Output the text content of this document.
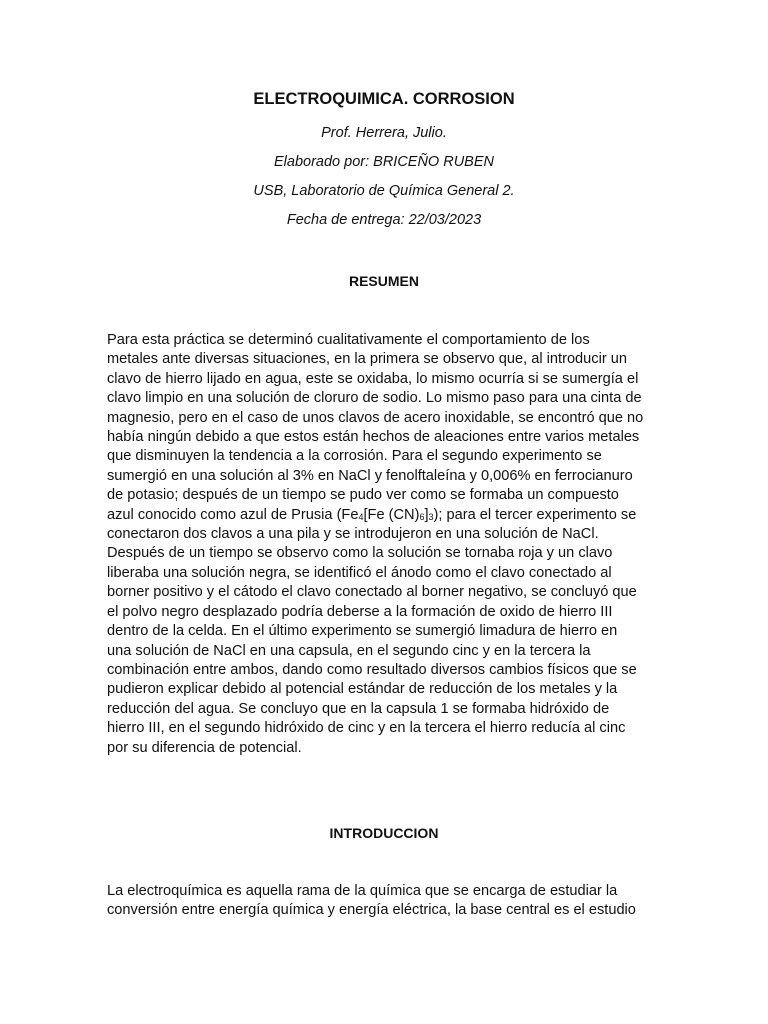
ELECTROQUIMICA. CORROSION

Prof. Herrera, Julio.

Elaborado por: BRICEÑO RUBEN

USB, Laboratorio de Química General 2.

Fecha de entrega: 22/03/2023

RESUMEN
Para esta práctica se determinó cualitativamente el comportamiento de los
metales ante diversas situaciones, en la primera se observo que, al introducir un
clavo de hierro lijado en agua, este se oxidaba, lo mismo ocurría si se sumergía el
clavo limpio en una solución de cloruro de sodio. Lo mismo paso para una cinta de
magnesio, pero en el caso de unos clavos de acero inoxidable, se encontró que no
había ningún debido a que estos están hechos de aleaciones entre varios metales
que disminuyen la tendencia a la corrosión. Para el segundo experimento se
sumergió en una solución al 3% en NaCl y fenolftaleína y 0,006% en ferrocianuro
de potasio; después de un tiempo se pudo ver como se formaba un compuesto
azul conocido como azul de Prusia ($Fe_4[Fe$ $(CN)_6]_3$); para el tercer experimento se
conectaron dos clavos a una pila y se introdujeron en una solución de NaCl.
Después de un tiempo se observo como la solución se tornaba roja y un clavo
liberaba una solución negra, se identificó el ánodo como el clavo conectado al
borner positivo y el cátodo el clavo conectado al borner negativo, se concluyó que
el polvo negro desplazado podría deberse a la formación de oxido de hierro III
dentro de la celda. En el último experimento se sumergió limadura de hierro en
una solución de NaCl en una capsula, en el segundo cinc y en la tercera la
combinación entre ambos, dando como resultado diversos cambios físicos que se
pudieron explicar debido al potencial estándar de reducción de los metales y la
reducción del agua. Se concluyo que en la capsula 1 se formaba hidróxido de
hierro III, en el segundo hidróxido de cinc y en la tercera el hierro reducía al cinc
por su diferencia de potencial.
INTRODUCCION
La electroquímica es aquella rama de la química que se encarga de estudiar la
conversión entre energía química y energía eléctrica, la base central es el estudio
